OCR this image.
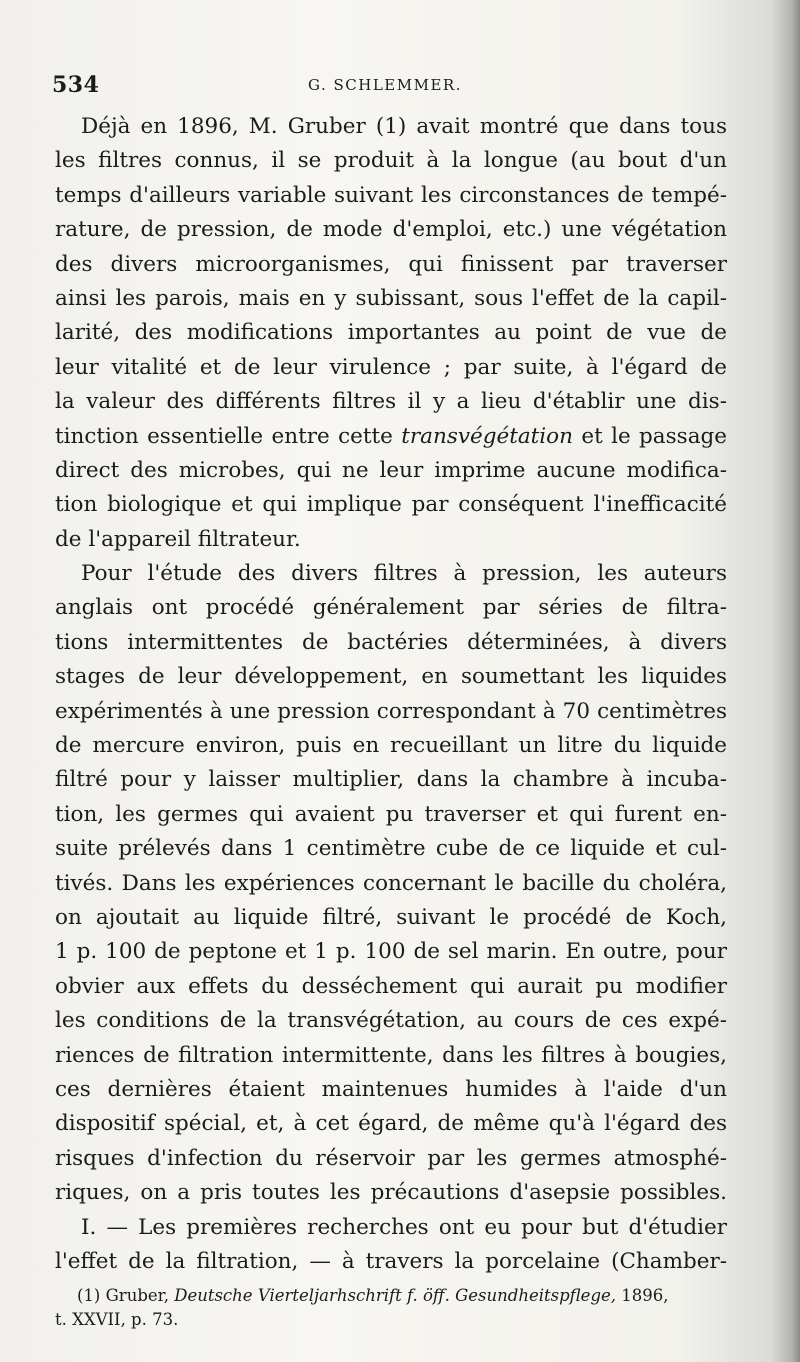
534	G. SCHLEMMER.
Déjà en 1896, M. Gruber (1) avait montré que dans tous
les filtres connus, il se produit à la longue (au bout d'un
temps d'ailleurs variable suivant les circonstances de tempé-
rature, de pression, de mode d'emploi, etc.) une végétation
des divers microorganismes, qui finissent par traverser
ainsi les parois, mais en y subissant, sous l'effet de la capil-
larité, des modifications importantes au point de vue de
leur vitalité et de leur virulence ; par suite, à l'égard de
la valeur des différents filtres il y a lieu d'établir une dis-
tinction essentielle entre cette transvégétation et le passage
direct des microbes, qui ne leur imprime aucune modifica-
tion biologique et qui implique par conséquent l'inefficacité
de l'appareil filtrateur.
Pour l'étude des divers filtres à pression, les auteurs
anglais ont procédé généralement par séries de filtra-
tions intermittentes de bactéries déterminées, à divers
stages de leur développement, en soumettant les liquides
expérimentés à une pression correspondant à 70 centimètres
de mercure environ, puis en recueillant un litre du liquide
filtré pour y laisser multiplier, dans la chambre à incuba-
tion, les germes qui avaient pu traverser et qui furent en-
suite prélevés dans 1 centimètre cube de ce liquide et cul-
tivés. Dans les expériences concernant le bacille du choléra,
on ajoutait au liquide filtré, suivant le procédé de Koch,
1 p. 100 de peptone et 1 p. 100 de sel marin. En outre, pour
obvier aux effets du desséchement qui aurait pu modifier
les conditions de la transvégétation, au cours de ces expé-
riences de filtration intermittente, dans les filtres à bougies,
ces dernières étaient maintenues humides à l'aide d'un
dispositif spécial, et, à cet égard, de même qu'à l'égard des
risques d'infection du réservoir par les germes atmosphé-
riques, on a pris toutes les précautions d'asepsie possibles.
I. — Les premières recherches ont eu pour but d'étudier
l'effet de la filtration, — à travers la porcelaine (Chamber-
(1) Gruber, Deutsche Vierteljarhschrift f. öff. Gesundheitspflege, 1896,
t. XXVII, p. 73.
